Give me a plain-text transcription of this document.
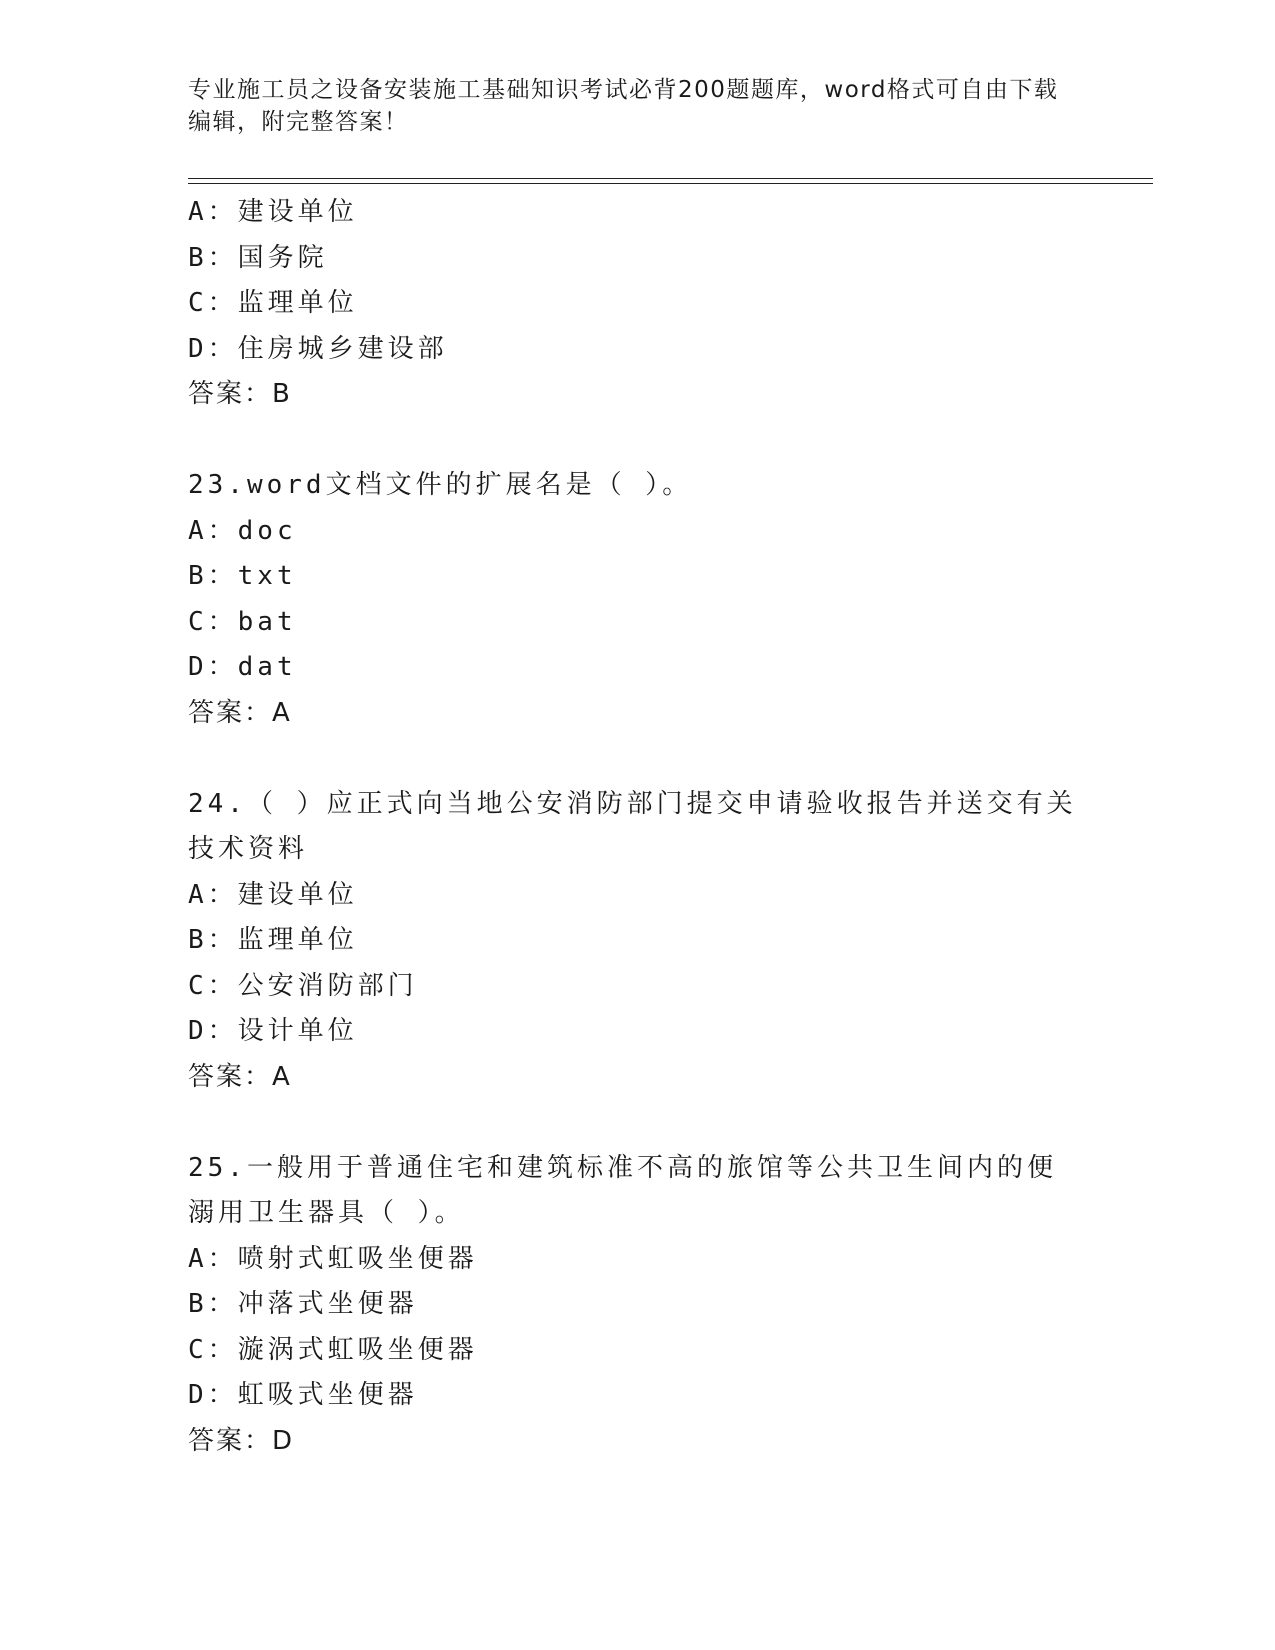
专业施工员之设备安装施工基础知识考试必背200题题库，word格式可自由下载编辑，附完整答案！
A：建设单位
B：国务院
C：监理单位
D：住房城乡建设部
答案：B
23.word文档文件的扩展名是（ ）。
A：doc
B：txt
C：bat
D：dat
答案：A
24.（ ）应正式向当地公安消防部门提交申请验收报告并送交有关技术资料
A：建设单位
B：监理单位
C：公安消防部门
D：设计单位
答案：A
25.一般用于普通住宅和建筑标准不高的旅馆等公共卫生间内的便溺用卫生器具（ ）。
A：喷射式虹吸坐便器
B：冲落式坐便器
C：漩涡式虹吸坐便器
D：虹吸式坐便器
答案：D
